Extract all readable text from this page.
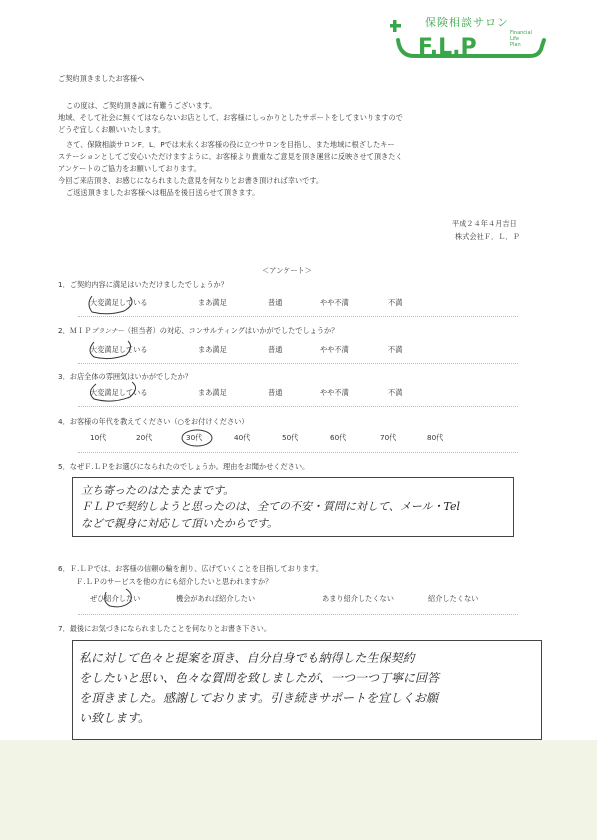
F.L.P
保険相談サロン
Financial
Life
Plan
ご契約頂きましたお客様へ
この度は、ご契約頂き誠に有難うございます。
地域、そして社会に無くてはならないお店として、お客様にしっかりとしたサポートをしてまいりますので
どうぞ宜しくお願いいたします。
さて、保険相談サロンF．L．Pでは末永くお客様の役に立つサロンを目指し、また地域に根ざしたキー
ステーションとしてご安心いただけますように、お客様より貴重なご意見を頂き運営に反映させて頂きたく
アンケートのご協力をお願いしております。
今回ご来店頂き、お感じになられました意見を何なりとお書き頂ければ幸いです。
ご返送頂きましたお客様へは粗品を後日送らせて頂きます。
平成２４年４月吉日
株式会社Ｆ．Ｌ．Ｐ
＜アンケート＞
1．ご契約内容に満足はいただけましたでしょうか？
大変満足している	まあ満足	普通	やや不満	不満
2．ＭＩＰプランナー（担当者）の対応、コンサルティングはいかがでしたでしょうか？
大変満足している	まあ満足	普通	やや不満	不満
3．お店全体の雰囲気はいかがでしたか？
大変満足している	まあ満足	普通	やや不満	不満
4．お客様の年代を教えてください（○をお付けください）
10代	20代	30代	40代	50代	60代	70代	80代
5．なぜＦ.ＬＰをお選びになられたのでしょうか。理由をお聞かせください。
立ち寄ったのはたまたまです。
ＦＬＰで契約しようと思ったのは、全ての不安・質問に対して、メール・Tel
などで親身に対応して頂いたからです。
6．Ｆ.ＬＰでは、お客様の信頼の輪を創り、広げていくことを目指しております。
Ｆ.ＬＰのサービスを他の方にも紹介したいと思われますか？
ぜひ紹介したい	機会があれば紹介したい	あまり紹介したくない	紹介したくない
7．最後にお気づきになられましたことを何なりとお書き下さい。
私に対して色々と提案を頂き、自分自身でも納得した生保契約
をしたいと思い、色々な質問を致しましたが、一つ一つ丁寧に回答
を頂きました。感謝しております。引き続きサポートを宜しくお願
い致します。
